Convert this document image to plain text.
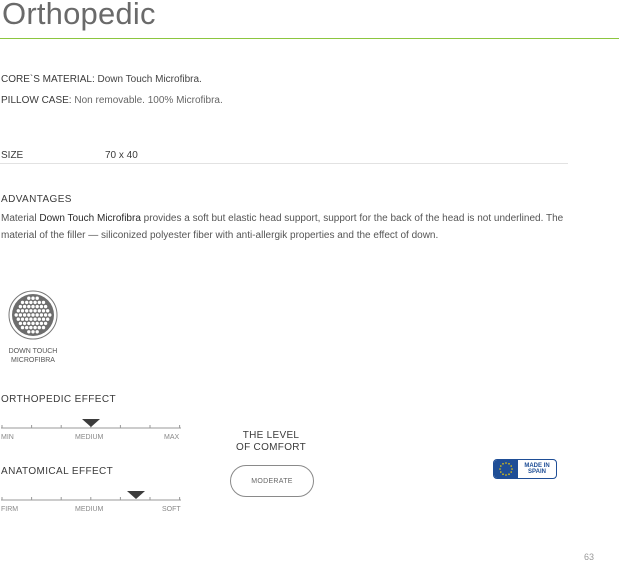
Orthopedic
CORE`S MATERIAL: Down Touch Microfibra.
PILLOW CASE: Non removable. 100% Microfibra.
SIZE	70 x 40
ADVANTAGES
Material Down Touch Microfibra provides a soft but elastic head support, support for the back of the head is not underlined. The material of the filler — siliconized polyester fiber with anti-allergik properties and the effect of down.
DOWN TOUCH
MICROFIBRA
ORTHOPEDIC EFFECT
MIN	MEDIUM	MAX
ANATOMICAL EFFECT
FIRM	MEDIUM	SOFT
THE LEVEL
OF COMFORT
MODERATE
MADE IN
SPAIN
63
